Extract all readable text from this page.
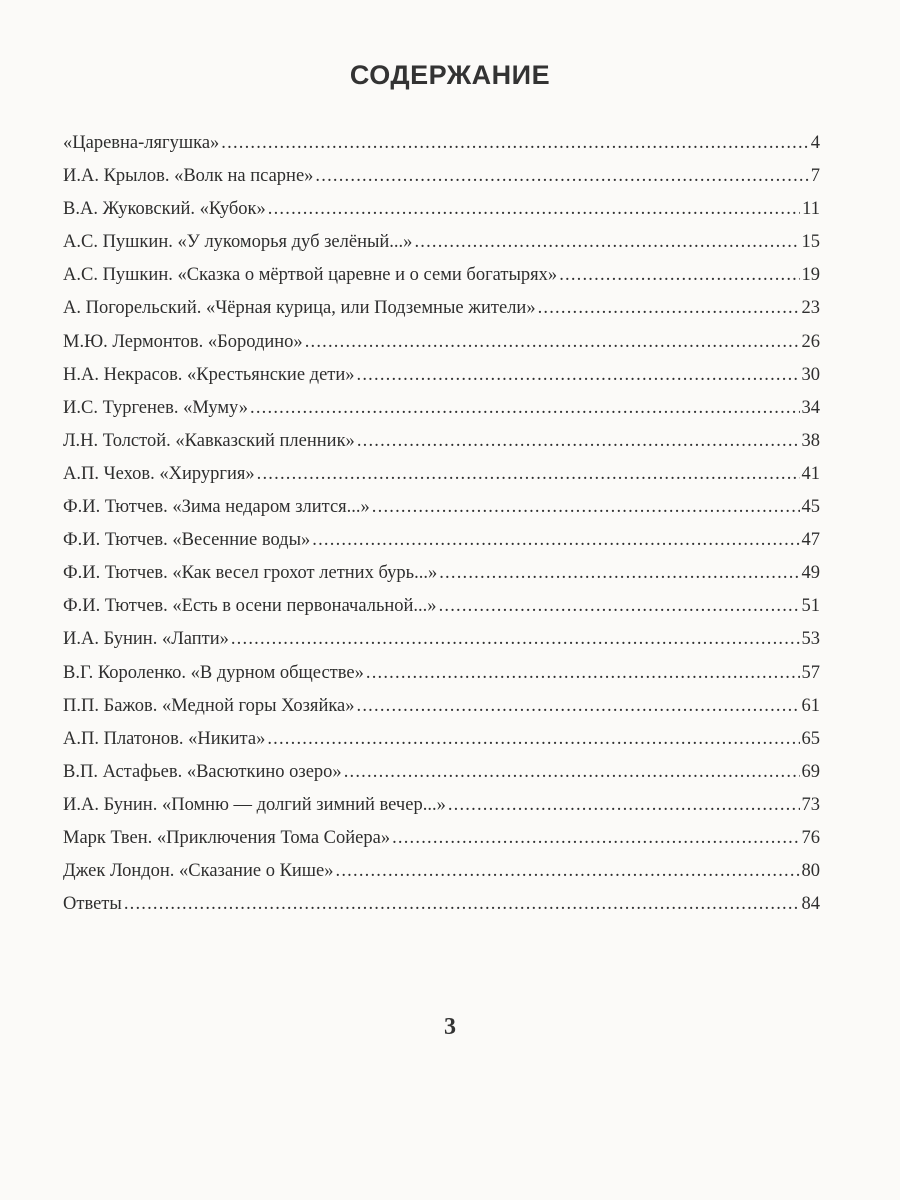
СОДЕРЖАНИЕ
«Царевна-лягушка» .....	4
И.А. Крылов. «Волк на псарне» .....	7
В.А. Жуковский. «Кубок» .....	11
А.С. Пушкин. «У лукоморья дуб зелёный...» .....	15
А.С. Пушкин. «Сказка о мёртвой царевне и о семи богатырях» .....	19
А. Погорельский. «Чёрная курица, или Подземные жители» .....	23
М.Ю. Лермонтов. «Бородино» .....	26
Н.А. Некрасов. «Крестьянские дети» .....	30
И.С. Тургенев. «Муму» .....	34
Л.Н. Толстой. «Кавказский пленник» .....	38
А.П. Чехов. «Хирургия» .....	41
Ф.И. Тютчев. «Зима недаром злится...» .....	45
Ф.И. Тютчев. «Весенние воды» .....	47
Ф.И. Тютчев. «Как весел грохот летних бурь...» .....	49
Ф.И. Тютчев. «Есть в осени первоначальной...» .....	51
И.А. Бунин. «Лапти» .....	53
В.Г. Короленко. «В дурном обществе» .....	57
П.П. Бажов. «Медной горы Хозяйка» .....	61
А.П. Платонов. «Никита» .....	65
В.П. Астафьев. «Васюткино озеро» .....	69
И.А. Бунин. «Помню — долгий зимний вечер...» .....	73
Марк Твен. «Приключения Тома Сойера» .....	76
Джек Лондон. «Сказание о Кише» .....	80
Ответы .....	84
3
